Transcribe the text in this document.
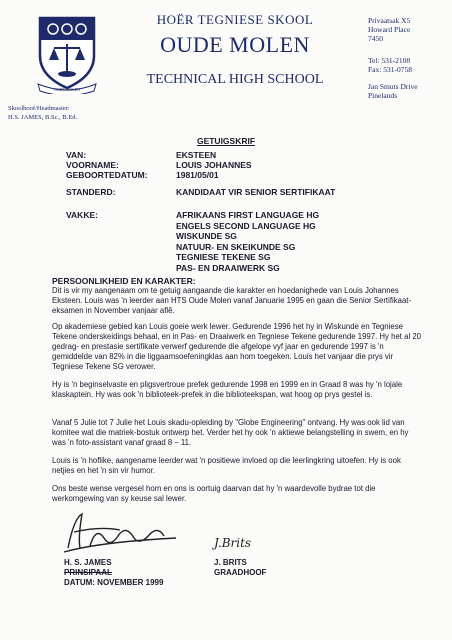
OUDE MOLEN
HOËR TEGNIESE SKOOL
OUDE MOLEN
TECHNICAL HIGH SCHOOL
Privaatsak X5
Howard Place
7450
Tel: 531-2108
Fax: 531-0758
Jan Smuts Drive
Pinelands
Skoolhoof/Headmaster:
H.S. JAMES, B.Sc., B.Ed.
GETUIGSKRIF
VAN:	EKSTEEN
VOORNAME:	LOUIS JOHANNES
GEBOORTEDATUM:	1981/05/01
STANDERD:	KANDIDAAT VIR SENIOR SERTIFIKAAT
VAKKE:	AFRIKAANS FIRST LANGUAGE HG
ENGELS SECOND LANGUAGE HG
WISKUNDE SG
NATUUR- EN SKEIKUNDE SG
TEGNIESE TEKENE SG
PAS- EN DRAAIWERK SG
PERSOONLIKHEID EN KARAKTER:
Dit is vir my aangenaam om te getuig aangaande die karakter en hoedanighede van Louis Johannes Eksteen. Louis was 'n leerder aan HTS Oude Molen vanaf Januarie 1995 en gaan die Senior Sertifikaat-eksamen in November vanjaar aflê.
Op akademiese gebied kan Louis goeie werk lewer. Gedurende 1996 het hy in Wiskunde en Tegniese Tekene onderskeidings behaal, en in Pas- en Draaiwerk en Tegniese Tekene gedurende 1997. Hy het al 20 gedrag- en prestasie sertifikate verwerf gedurende die afgelope vyf jaar en gedurende 1997 is 'n gemiddelde van 82% in die liggaamsoefeningklas aan hom toegeken. Louis het vanjaar die prys vir Tegniese Tekene SG verower.
Hy is 'n beginselvaste en pligsvertroue prefek gedurende 1998 en 1999 en in Graad 8 was hy 'n lojale klaskaptein. Hy was ook 'n biblioteek-prefek in die biblioteekspan, wat hoog op prys gestel is.
Vanaf 5 Julie tot 7 Julie het Louis skadu-opleiding by "Globe Engineering" ontvang. Hy was ook lid van komitee wat die matriek-bostuk ontwerp het. Verder het hy ook 'n aktiewe belangstelling in swem, en hy was 'n foto-assistant vanaf graad 8 – 11.
Louis is 'n hoflike, aangename leerder wat 'n positiewe invloed op die leerlingkring uitoefen. Hy is ook netjies en het 'n sin vir humor.
Ons beste wense vergesel hom en ons is oortuig daarvan dat hy 'n waardevolle bydrae tot die werkomgewing van sy keuse sal lewer.
H. S. JAMES
PRINSIPAAL
DATUM: NOVEMBER 1999
J.Brits
J. BRITS
GRAADHOOF
